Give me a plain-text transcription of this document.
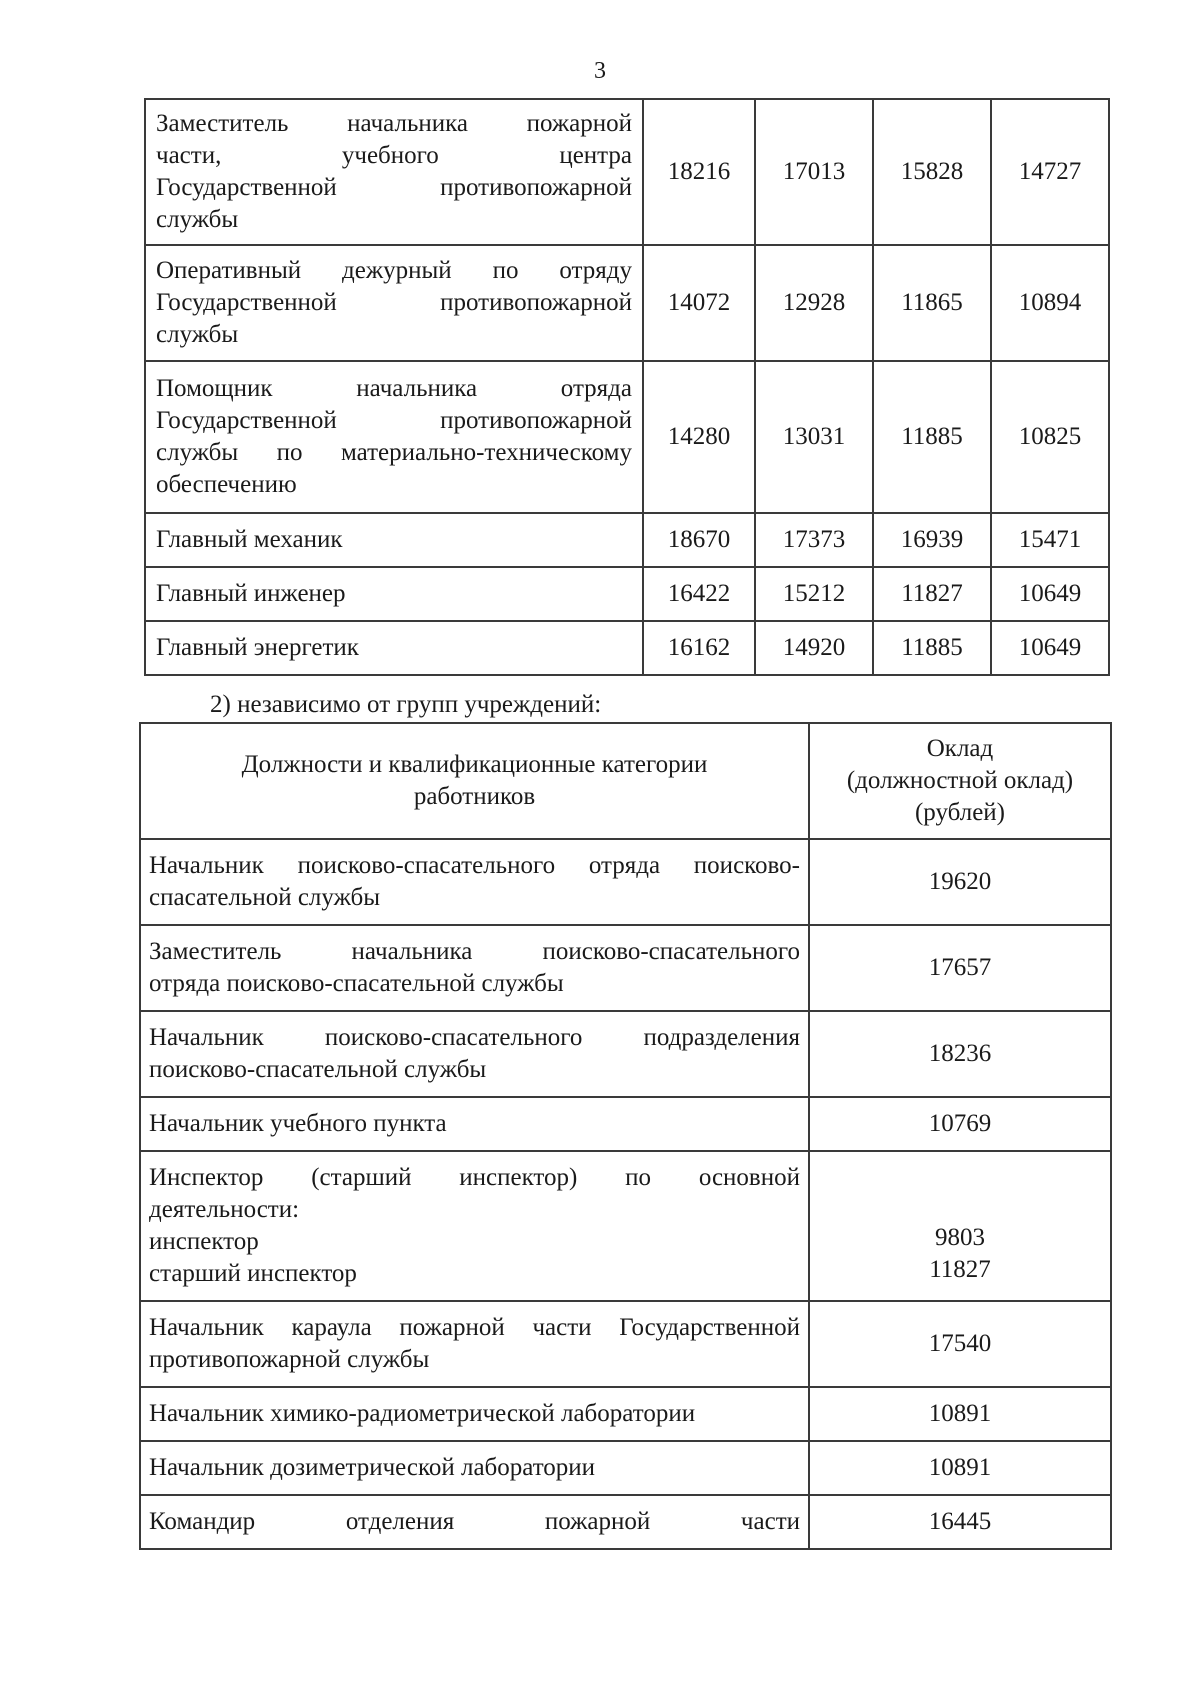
3
Заместитель начальника пожарной
части, учебного центра
Государственной противопожарной
службы	18216	17013	15828	14727

Оперативный дежурный по отряду
Государственной противопожарной
службы	14072	12928	11865	10894

Помощник начальника отряда
Государственной противопожарной
службы по материально-техническому
обеспечению	14280	13031	11885	10825

Главный механик	18670	17373	16939	15471

Главный инженер	16422	15212	11827	10649

Главный энергетик	16162	14920	11885	10649
2) независимо от групп учреждений:
Должности и квалификационные категории
работников	Оклад
(должностной оклад)
(рублей)

Начальник поисково-спасательного отряда поисково-
спасательной службы	19620

Заместитель начальника поисково-спасательного
отряда поисково-спасательной службы	17657

Начальник поисково-спасательного подразделения
поисково-спасательной службы	18236

Начальник учебного пункта	10769

Инспектор (старший инспектор) по основной
деятельности:
инспектор
старший инспектор	9803
11827

Начальник караула пожарной части Государственной
противопожарной службы	17540

Начальник химико-радиометрической лаборатории	10891

Начальник дозиметрической лаборатории	10891

Командир отделения пожарной части	16445
